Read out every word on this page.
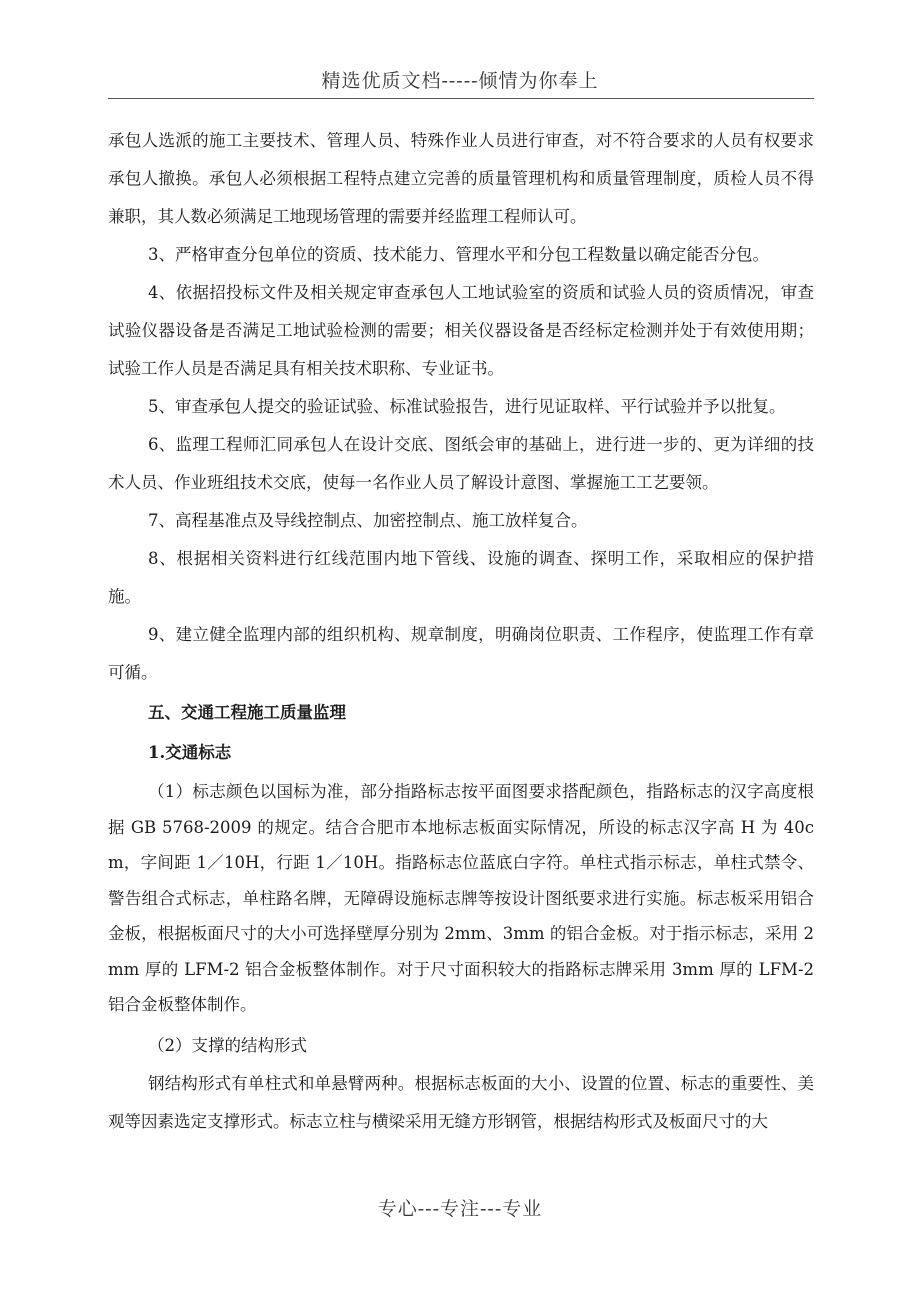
精选优质文档-----倾情为你奉上

承包人选派的施工主要技术、管理人员、特殊作业人员进行审查，对不符合要求的人员有权要求承包人撤换。承包人必须根据工程特点建立完善的质量管理机构和质量管理制度，质检人员不得兼职，其人数必须满足工地现场管理的需要并经监理工程师认可。

3、严格审查分包单位的资质、技术能力、管理水平和分包工程数量以确定能否分包。

4、依据招投标文件及相关规定审查承包人工地试验室的资质和试验人员的资质情况，审查试验仪器设备是否满足工地试验检测的需要；相关仪器设备是否经标定检测并处于有效使用期；试验工作人员是否满足具有相关技术职称、专业证书。

5、审查承包人提交的验证试验、标准试验报告，进行见证取样、平行试验并予以批复。

6、监理工程师汇同承包人在设计交底、图纸会审的基础上，进行进一步的、更为详细的技术人员、作业班组技术交底，使每一名作业人员了解设计意图、掌握施工工艺要领。

7、高程基准点及导线控制点、加密控制点、施工放样复合。

8、根据相关资料进行红线范围内地下管线、设施的调查、探明工作，采取相应的保护措施。

9、建立健全监理内部的组织机构、规章制度，明确岗位职责、工作程序，使监理工作有章可循。

五、交通工程施工质量监理

1.交通标志

（1）标志颜色以国标为准，部分指路标志按平面图要求搭配颜色，指路标志的汉字高度根据 GB 5768-2009 的规定。结合合肥市本地标志板面实际情况，所设的标志汉字高 H 为 40cm，字间距 1／10H，行距 1／10H。指路标志位蓝底白字符。单柱式指示标志，单柱式禁令、警告组合式标志，单柱路名牌，无障碍设施标志牌等按设计图纸要求进行实施。标志板采用铝合金板，根据板面尺寸的大小可选择壁厚分别为 2mm、3mm 的铝合金板。对于指示标志，采用 2mm 厚的 LFM-2 铝合金板整体制作。对于尺寸面积较大的指路标志牌采用 3mm 厚的 LFM-2 铝合金板整体制作。

（2）支撑的结构形式

钢结构形式有单柱式和单悬臂两种。根据标志板面的大小、设置的位置、标志的重要性、美观等因素选定支撑形式。标志立柱与横梁采用无缝方形钢管，根据结构形式及板面尺寸的大

专心---专注---专业
